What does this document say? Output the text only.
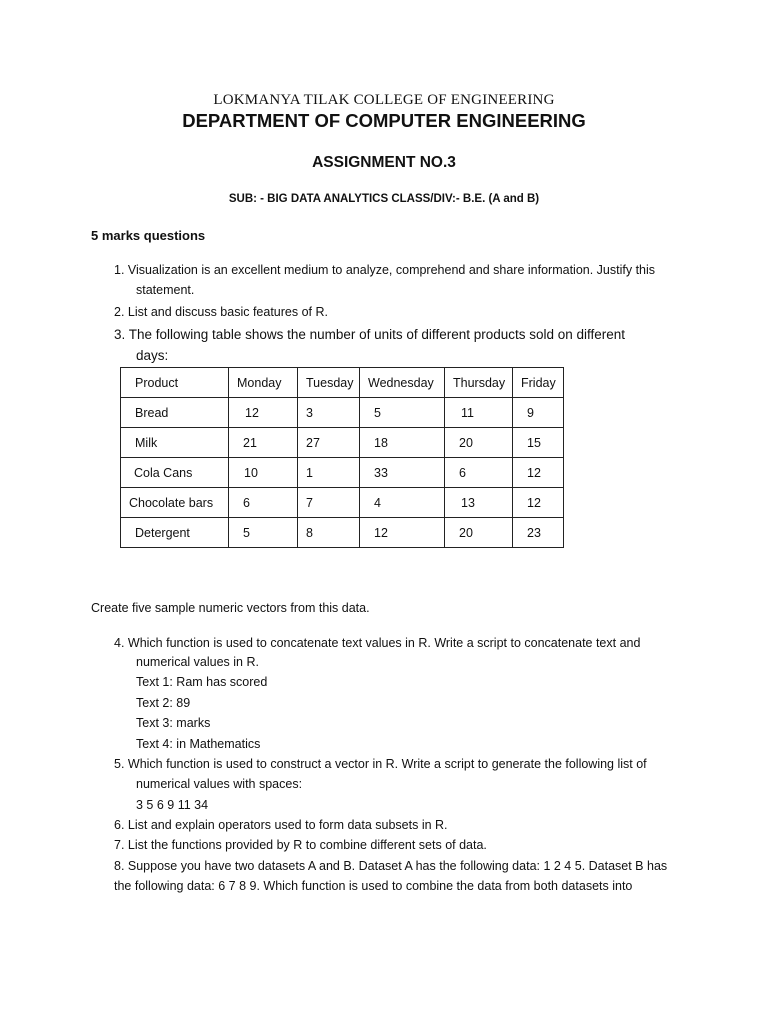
LOKMANYA TILAK COLLEGE OF ENGINEERING
DEPARTMENT OF COMPUTER ENGINEERING
ASSIGNMENT NO.3
SUB: - BIG DATA ANALYTICS CLASS/DIV:- B.E. (A and B)
5 marks questions
1. Visualization is an excellent medium to analyze, comprehend and share information. Justify this
statement.
2. List and discuss basic features of R.
3. The following table shows the number of units of different products sold on different
days:
Product	Monday	Tuesday	Wednesday	Thursday	Friday
Bread	12	3	5	11	9
Milk	21	27	18	20	15
Cola Cans	10	1	33	6	12
Chocolate bars	6	7	4	13	12
Detergent	5	8	12	20	23
Create five sample numeric vectors from this data.
4. Which function is used to concatenate text values in R. Write a script to concatenate text and
numerical values in R.
Text 1: Ram has scored
Text 2: 89
Text 3: marks
Text 4: in Mathematics
5. Which function is used to construct a vector in R. Write a script to generate the following list of
numerical values with spaces:
3 5 6 9 11 34
6. List and explain operators used to form data subsets in R.
7. List the functions provided by R to combine different sets of data.
8. Suppose you have two datasets A and B. Dataset A has the following data: 1 2 4 5. Dataset B has
the following data: 6 7 8 9. Which function is used to combine the data from both datasets into
